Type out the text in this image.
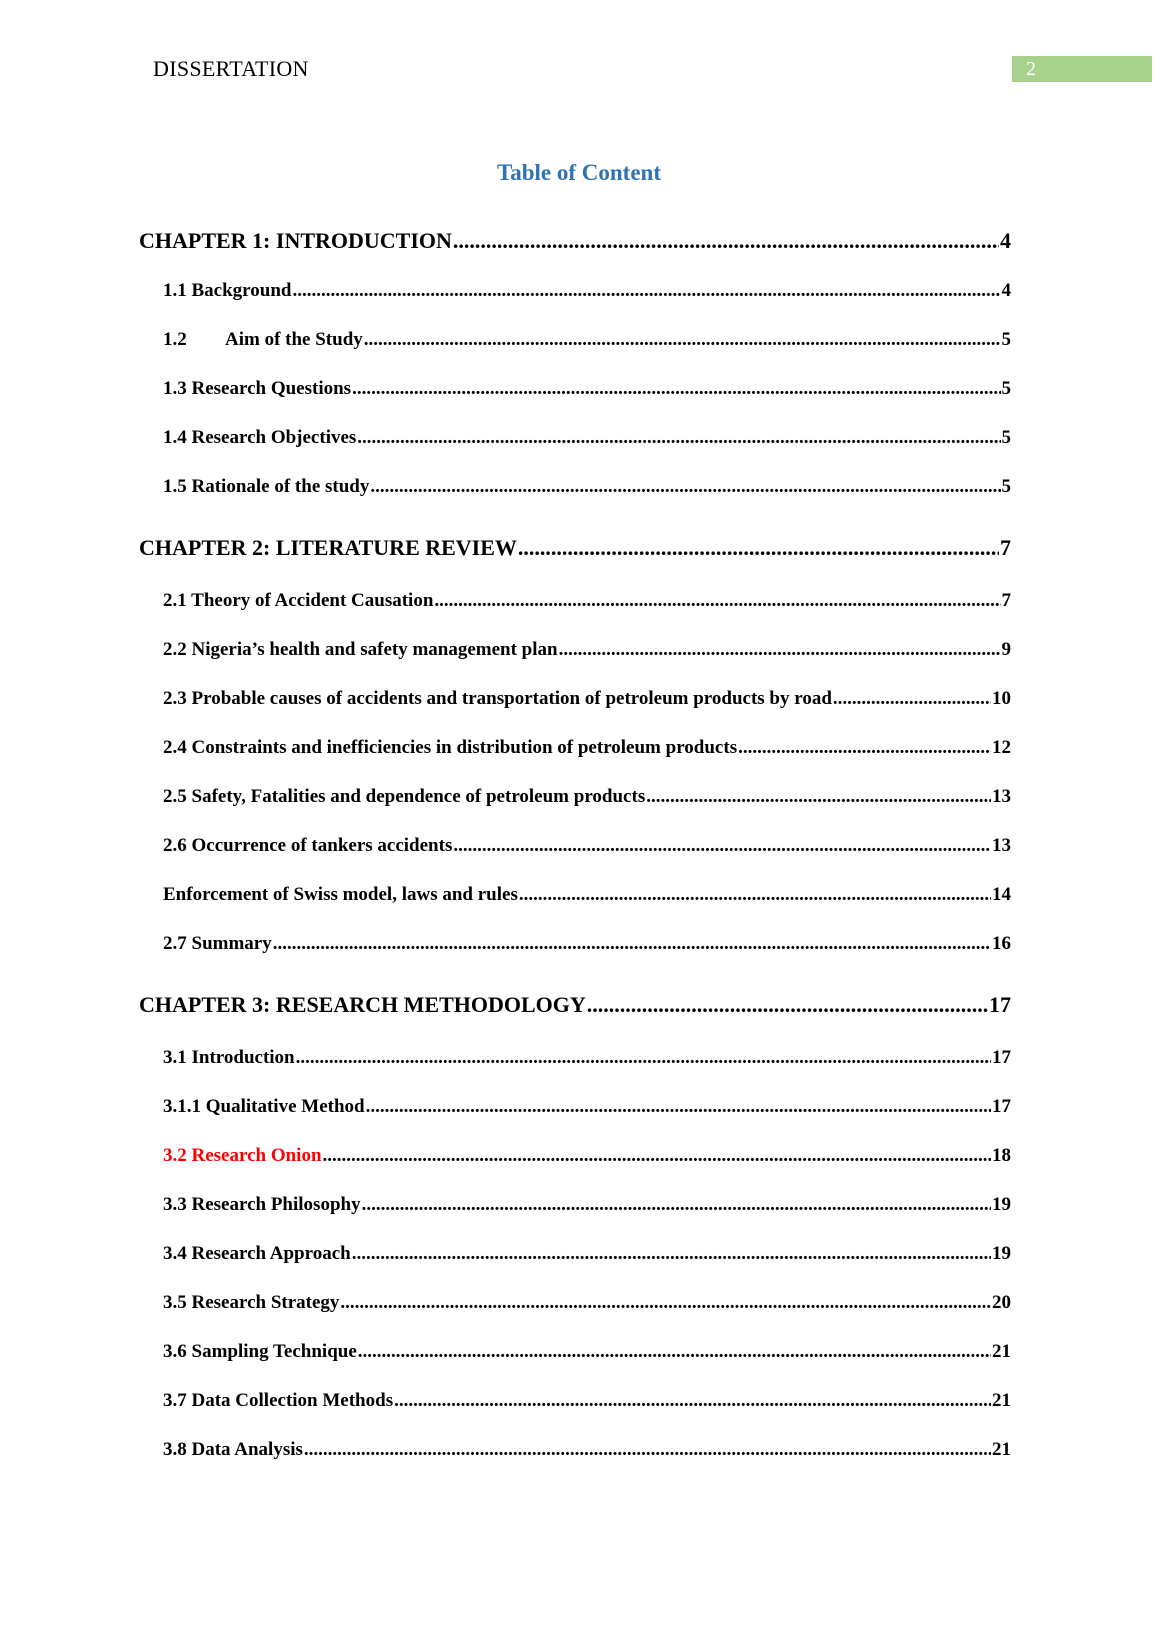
DISSERTATION	2
Table of Content
CHAPTER 1: INTRODUCTION .....	4
1.1 Background .....	4
1.2 Aim of the Study .....	5
1.3 Research Questions .....	5
1.4 Research Objectives .....	5
1.5 Rationale of the study .....	5
CHAPTER 2: LITERATURE REVIEW .....	7
2.1 Theory of Accident Causation .....	7
2.2 Nigeria’s health and safety management plan .....	9
2.3 Probable causes of accidents and transportation of petroleum products by road .....	10
2.4 Constraints and inefficiencies in distribution of petroleum products .....	12
2.5 Safety, Fatalities and dependence of petroleum products .....	13
2.6 Occurrence of tankers accidents .....	13
Enforcement of Swiss model, laws and rules .....	14
2.7 Summary .....	16
CHAPTER 3: RESEARCH METHODOLOGY .....	17
3.1 Introduction .....	17
3.1.1 Qualitative Method .....	17
3.2 Research Onion .....	18
3.3 Research Philosophy .....	19
3.4 Research Approach .....	19
3.5 Research Strategy .....	20
3.6 Sampling Technique .....	21
3.7 Data Collection Methods .....	21
3.8 Data Analysis .....	21
